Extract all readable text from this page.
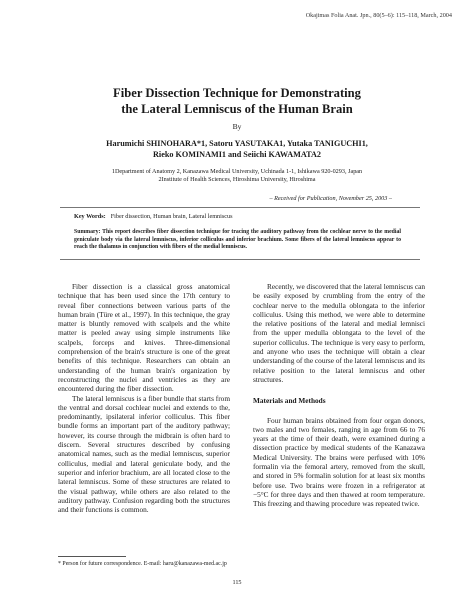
Okajimas Folia Anat. Jpn., 80(5–6): 115–118, March, 2004
Fiber Dissection Technique for Demonstrating
the Lateral Lemniscus of the Human Brain
By
Harumichi SHINOHARA*1, Satoru YASUTAKA1, Yutaka TANIGUCHI1,
Rieko KOMINAMI1 and Seiichi KAWAMATA2
1Department of Anatomy 2, Kanazawa Medical University, Uchinada 1-1, Ishikawa 920-0293, Japan
2Institute of Health Sciences, Hiroshima University, Hiroshima
– Received for Publication, November 25, 2003 –
Key Words: Fiber dissection, Human brain, Lateral lemniscus
Summary: This report describes fiber dissection technique for tracing the auditory pathway from the cochlear nerve to the medial geniculate body via the lateral lemniscus, inferior colliculus and inferior brachium. Some fibers of the lateral lemniscus appear to reach the thalamus in conjunction with fibers of the medial lemniscus.

Fiber dissection is a classical gross anatomical technique that has been used since the 17th century to reveal fiber connections between various parts of the human brain (Türe et al., 1997). In this technique, the gray matter is bluntly removed with scalpels and the white matter is peeled away using simple instruments like scalpels, forceps and knives. Three-dimensional comprehension of the brain's structure is one of the great benefits of this technique. Researchers can obtain an understanding of the human brain's organization by reconstructing the nuclei and ventricles as they are encountered during the fiber dissection.

The lateral lemniscus is a fiber bundle that starts from the ventral and dorsal cochlear nuclei and extends to the, predominantly, ipsilateral inferior colliculus. This fiber bundle forms an important part of the auditory pathway; however, its course through the midbrain is often hard to discern. Several structures described by confusing anatomical names, such as the medial lemniscus, superior colliculus, medial and lateral geniculate body, and the superior and inferior brachium, are all located close to the lateral lemniscus. Some of these structures are related to the visual pathway, while others are also related to the auditory pathway. Confusion regarding both the structures and their functions is common.

Recently, we discovered that the lateral lemniscus can be easily exposed by crumbling from the entry of the cochlear nerve to the medulla oblongata to the inferior colliculus. Using this method, we were able to determine the relative positions of the lateral and medial lemnisci from the upper medulla oblongata to the level of the superior colliculus. The technique is very easy to perform, and anyone who uses the technique will obtain a clear understanding of the course of the lateral lemniscus and its relative position to the lateral lemniscus and other structures.

Materials and Methods

Four human brains obtained from four organ donors, two males and two females, ranging in age from 66 to 76 years at the time of their death, were examined during a dissection practice by medical students of the Kanazawa Medical University. The brains were perfused with 10% formalin via the femoral artery, removed from the skull, and stored in 5% formalin solution for at least six months before use. Two brains were frozen in a refrigerator at −5°C for three days and then thawed at room temperature. This freezing and thawing procedure was repeated twice.

* Person for future correspondence. E-mail: haru@kanazawa-med.ac.jp
115
